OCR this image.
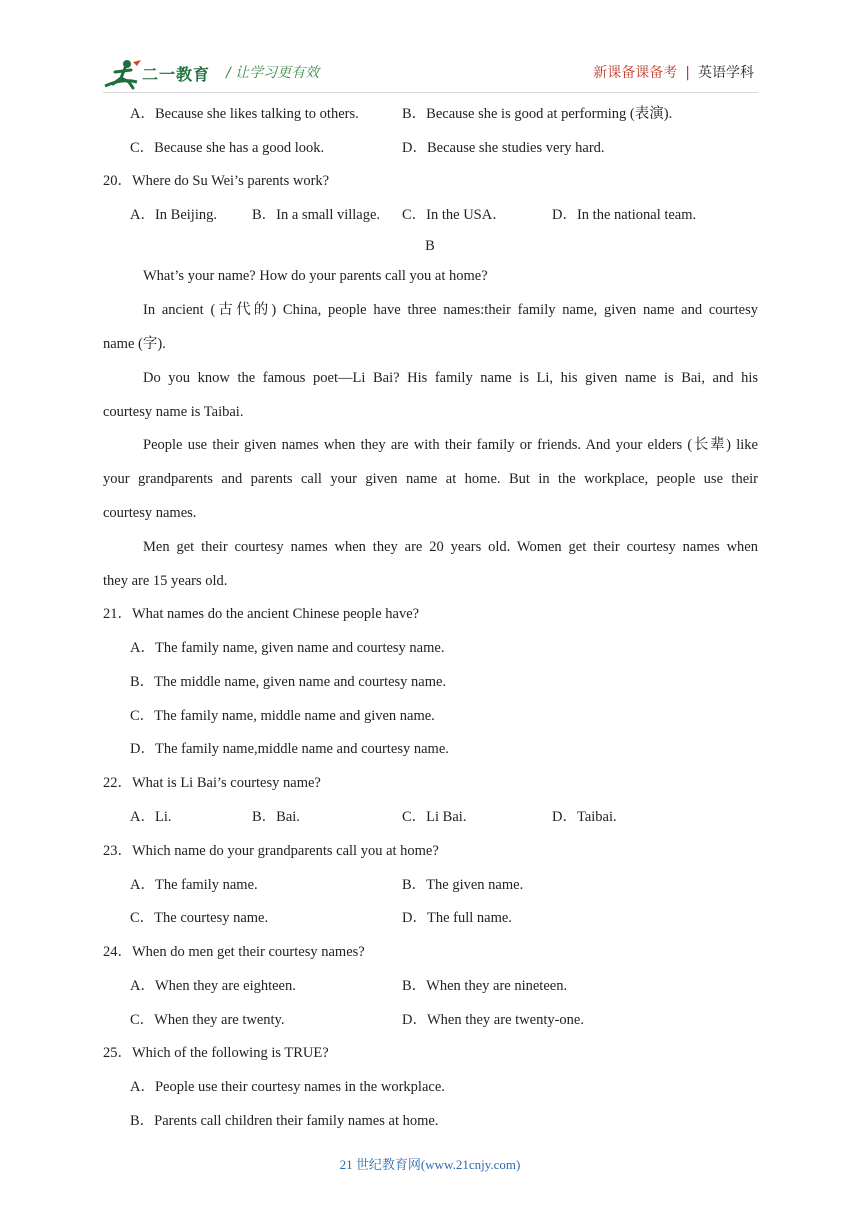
二一教育 / 让学习更有效	新课备课备考 | 英语学科
A．Because she likes talking to others.	B．Because she is good at performing (表演).
C．Because she has a good look.	D．Because she studies very hard.
20．Where do Su Wei’s parents work?
A．In Beijing. B．In a small village. C．In the USA．	D．In the national team.
B
What’s your name? How do your parents call you at home?
In ancient (古代的) China, people have three names:their family name, given name and courtesy
name (字).
Do you know the famous poet—Li Bai? His family name is Li, his given name is Bai, and his
courtesy name is Taibai.
People use their given names when they are with their family or friends. And your elders (长辈) like
your grandparents and parents call your given name at home. But in the workplace, people use their
courtesy names.
Men get their courtesy names when they are 20 years old. Women get their courtesy names when
they are 15 years old.
21．What names do the ancient Chinese people have?
A．The family name, given name and courtesy name.
B．The middle name, given name and courtesy name.
C．The family name, middle name and given name.
D．The family name,middle name and courtesy name.
22．What is Li Bai’s courtesy name?
A．Li.	B．Bai.	C．Li Bai.	D．Taibai.
23．Which name do your grandparents call you at home?
A．The family name.	B．The given name.
C．The courtesy name.	D．The full name.
24．When do men get their courtesy names?
A．When they are eighteen.	B．When they are nineteen.
C．When they are twenty.	D．When they are twenty-one.
25．Which of the following is TRUE?
A．People use their courtesy names in the workplace.
B．Parents call children their family names at home.
21 世纪教育网(www.21cnjy.com)
